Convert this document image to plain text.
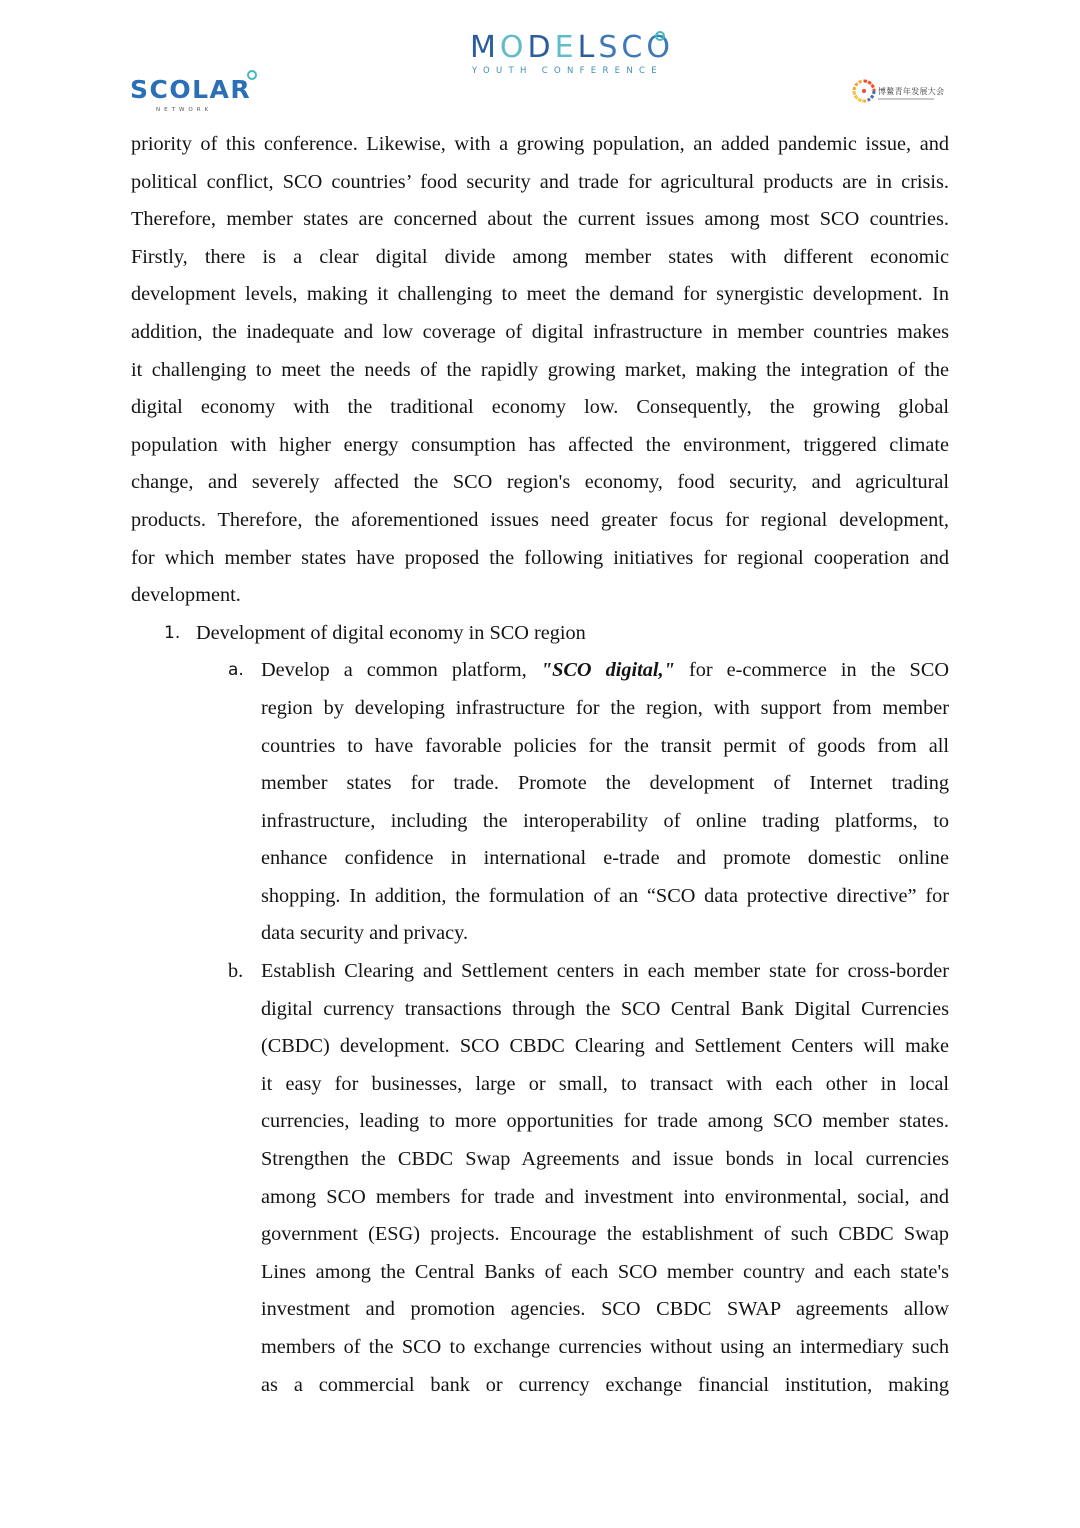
MODELSCO
YOUTH CONFERENCE
SCOLAR
NETWORK
博鳌青年发展大会
priority of this conference. Likewise, with a growing population, an added pandemic issue, and
political conflict, SCO countries’ food security and trade for agricultural products are in crisis.
Therefore, member states are concerned about the current issues among most SCO countries.
Firstly, there is a clear digital divide among member states with different economic
development levels, making it challenging to meet the demand for synergistic development. In
addition, the inadequate and low coverage of digital infrastructure in member countries makes
it challenging to meet the needs of the rapidly growing market, making the integration of the
digital economy with the traditional economy low. Consequently, the growing global
population with higher energy consumption has affected the environment, triggered climate
change, and severely affected the SCO region's economy, food security, and agricultural
products. Therefore, the aforementioned issues need greater focus for regional development,
for which member states have proposed the following initiatives for regional cooperation and
development.
1. Development of digital economy in SCO region
a. Develop a common platform, "SCO digital," for e-commerce in the SCO
region by developing infrastructure for the region, with support from member
countries to have favorable policies for the transit permit of goods from all
member states for trade. Promote the development of Internet trading
infrastructure, including the interoperability of online trading platforms, to
enhance confidence in international e-trade and promote domestic online
shopping. In addition, the formulation of an “SCO data protective directive” for
data security and privacy.
b. Establish Clearing and Settlement centers in each member state for cross-border
digital currency transactions through the SCO Central Bank Digital Currencies
(CBDC) development. SCO CBDC Clearing and Settlement Centers will make
it easy for businesses, large or small, to transact with each other in local
currencies, leading to more opportunities for trade among SCO member states.
Strengthen the CBDC Swap Agreements and issue bonds in local currencies
among SCO members for trade and investment into environmental, social, and
government (ESG) projects. Encourage the establishment of such CBDC Swap
Lines among the Central Banks of each SCO member country and each state's
investment and promotion agencies. SCO CBDC SWAP agreements allow
members of the SCO to exchange currencies without using an intermediary such
as a commercial bank or currency exchange financial institution, making
